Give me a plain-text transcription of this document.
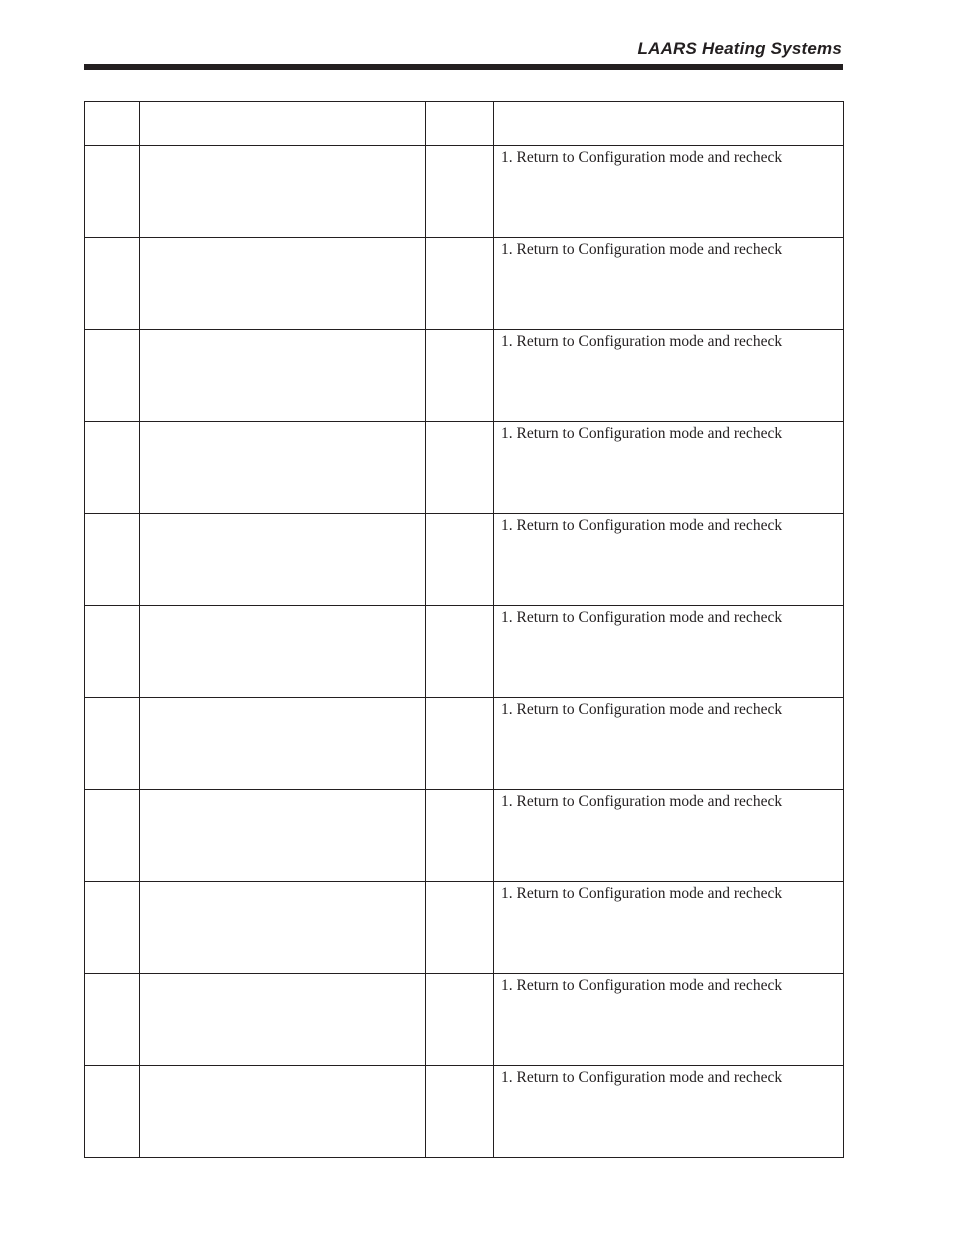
LAARS Heating Systems

			1. Return to Configuration mode and recheck

			1. Return to Configuration mode and recheck

			1. Return to Configuration mode and recheck

			1. Return to Configuration mode and recheck

			1. Return to Configuration mode and recheck

			1. Return to Configuration mode and recheck

			1. Return to Configuration mode and recheck

			1. Return to Configuration mode and recheck

			1. Return to Configuration mode and recheck

			1. Return to Configuration mode and recheck

			1. Return to Configuration mode and recheck
